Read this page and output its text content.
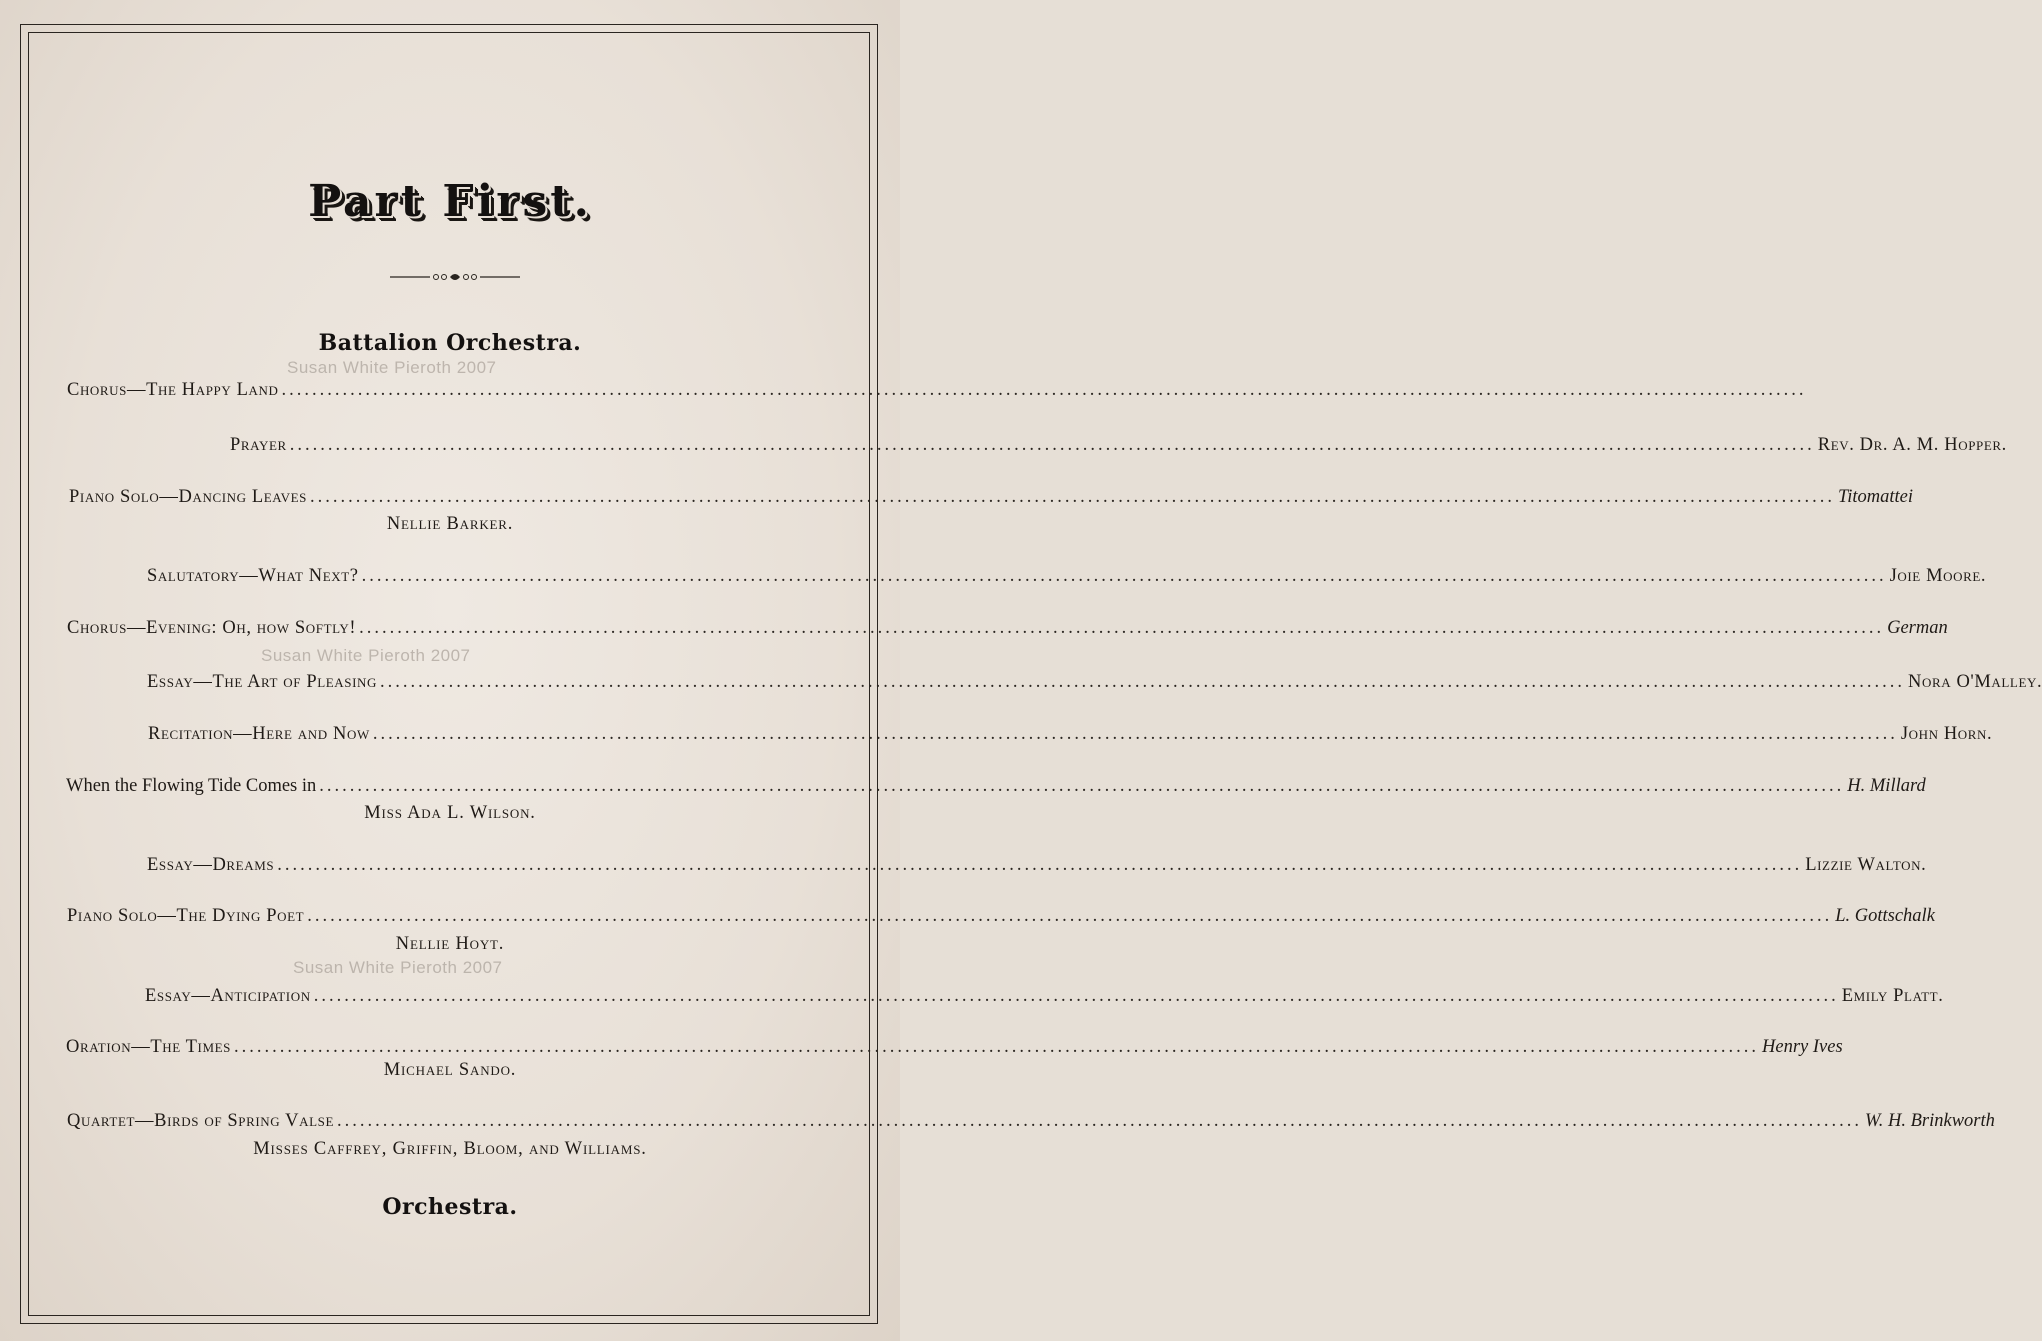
Part First.
Battalion Orchestra.
Susan White Pieroth 2007
Susan White Pieroth 2007
Susan White Pieroth 2007
Chorus—The Happy Land ........................................................................................................................................................................................................
Prayer ........................................................................................................................................................................................................ Rev. Dr. A. M. Hopper.
Piano Solo—Dancing Leaves ........................................................................................................................................................................................................ Titomattei
Nellie Barker.
Salutatory—What Next? ........................................................................................................................................................................................................ Joie Moore.
Chorus—Evening: Oh, how Softly! ........................................................................................................................................................................................................ German
Essay—The Art of Pleasing ........................................................................................................................................................................................................ Nora O'Malley.
Recitation—Here and Now ........................................................................................................................................................................................................ John Horn.
When the Flowing Tide Comes in ........................................................................................................................................................................................................ H. Millard
Miss Ada L. Wilson.
Essay—Dreams ........................................................................................................................................................................................................ Lizzie Walton.
Piano Solo—The Dying Poet ........................................................................................................................................................................................................ L. Gottschalk
Nellie Hoyt.
Essay—Anticipation ........................................................................................................................................................................................................ Emily Platt.
Oration—The Times ........................................................................................................................................................................................................ Henry Ives
Michael Sando.
Quartet—Birds of Spring Valse ........................................................................................................................................................................................................ W. H. Brinkworth
Misses Caffrey, Griffin, Bloom, and Williams.
Orchestra.
